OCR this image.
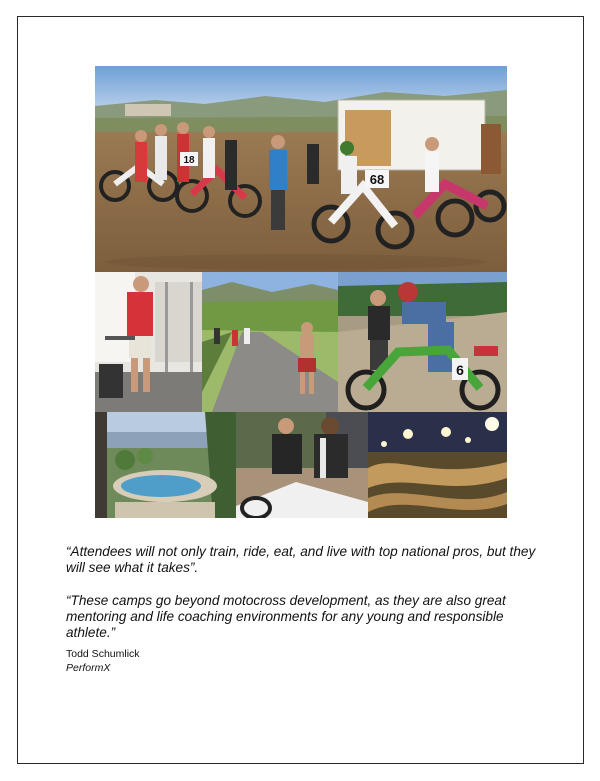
18
68
6

“Attendees will not only train, ride, eat, and live with top national pros, but they will see what it takes”.

“These camps go beyond motocross development, as they are also great mentoring and life coaching environments for any young and responsible athlete.”

Todd Schumlick
PerformX
